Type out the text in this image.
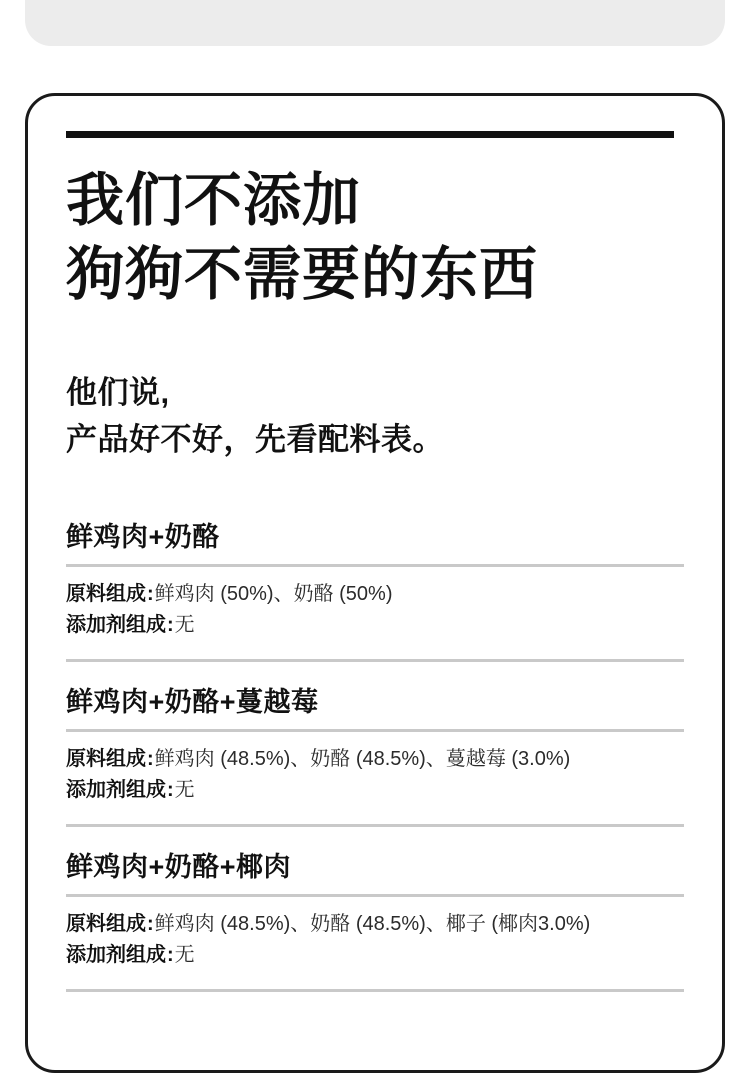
我们不添加
狗狗不需要的东西
他们说,
产品好不好，先看配料表。
鲜鸡肉+奶酪
原料组成 : 鲜鸡肉 (50%)、奶酪 (50%)
添加剂组成 : 无
鲜鸡肉+奶酪+蔓越莓
原料组成 : 鲜鸡肉 (48.5%)、奶酪 (48.5%)、蔓越莓 (3.0%)
添加剂组成 : 无
鲜鸡肉+奶酪+椰肉
原料组成 : 鲜鸡肉 (48.5%)、奶酪 (48.5%)、椰子 (椰肉3.0%)
添加剂组成 : 无
